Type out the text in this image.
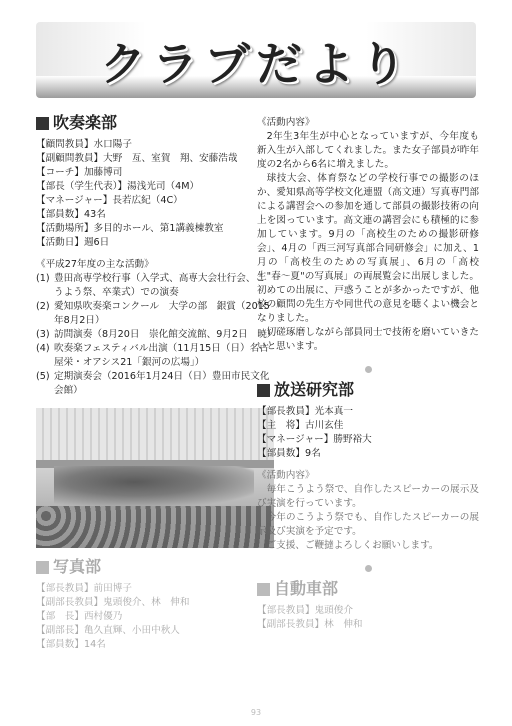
クラブだより
吹奏楽部
【顧問教員】水口陽子
【副顧問教員】大野　亙、室賀　翔、安藤浩哉
【コーチ】加藤博司
【部長（学生代表）】湯浅光司（4M）
【マネージャー】長若広紀（4C）
【部員数】43名
【活動場所】多目的ホール、第1講義棟教室
【活動日】週6日
《平成27年度の主な活動》
(1) 豊田高専学校行事（入学式、高専大会壮行会、こうよう祭、卒業式）での演奏
(2) 愛知県吹奏楽コンクール　大学の部　銀賞（2015年8月2日）
(3) 訪問演奏（8月20日　崇化館交流館、9月2日　暁）
(4) 吹奏楽フェスティバル出演（11月15日（日）名古屋栄・オアシス21「銀河の広場」）
(5) 定期演奏会（2016年1月24日（日）豊田市民文化会館）
写真部
【部長教員】前田博子
【副部長教員】鬼頭俊介、林　伸和
【部　長】西村優乃
【副部長】亀久直輝、小田中秋人
【部員数】14名
《活動内容》

2年生3年生が中心となっていますが、今年度も新入生が入部してくれました。また女子部員が昨年度の2名から6名に増えました。

球技大会、体育祭などの学校行事での撮影のほか、愛知県高等学校文化連盟（高文連）写真専門部による講習会への参加を通して部員の撮影技術の向上を図っています。高文連の講習会にも積極的に参加しています。9月の「高校生のための撮影研修会」、4月の「西三河写真部合同研修会」に加え、1月の「高校生のための写真展」、6月の「高校生"春〜夏"の写真展」の両展覧会に出展しました。初めての出展に、戸惑うことが多かったですが、他校の顧問の先生方や同世代の意見を聴くよい機会となりました。

切磋琢磨しながら部員同士で技術を磨いていきたいと思います。

放送研究部
【部長教員】光本真一
【主　将】古川玄佳
【マネージャー】勝野裕大
【部員数】9名
《活動内容》

毎年こうよう祭で、自作したスピーカーの展示及び実演を行っています。

今年のこうよう祭でも、自作したスピーカーの展示及び実演を予定です。

ご支援、ご鞭撻よろしくお願いします。

自動車部
【部長教員】鬼頭俊介
【副部長教員】林　伸和
93
